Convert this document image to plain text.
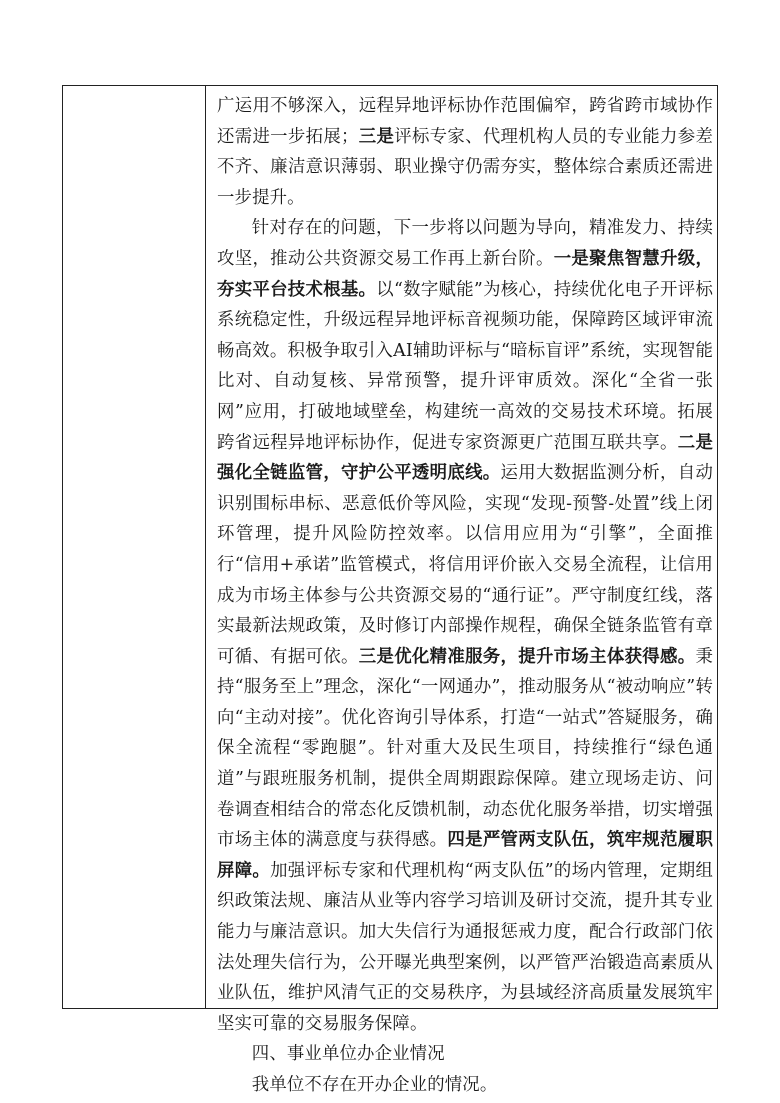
广运用不够深入，远程异地评标协作范围偏窄，跨省跨市域协作还需进一步拓展；三是评标专家、代理机构人员的专业能力参差不齐、廉洁意识薄弱、职业操守仍需夯实，整体综合素质还需进一步提升。

针对存在的问题，下一步将以问题为导向，精准发力、持续攻坚，推动公共资源交易工作再上新台阶。一是聚焦智慧升级，夯实平台技术根基。以“数字赋能”为核心，持续优化电子开评标系统稳定性，升级远程异地评标音视频功能，保障跨区域评审流畅高效。积极争取引入AI辅助评标与“暗标盲评”系统，实现智能比对、自动复核、异常预警，提升评审质效。深化“全省一张网”应用，打破地域壁垒，构建统一高效的交易技术环境。拓展跨省远程异地评标协作，促进专家资源更广范围互联共享。二是强化全链监管，守护公平透明底线。运用大数据监测分析，自动识别围标串标、恶意低价等风险，实现“发现-预警-处置”线上闭环管理，提升风险防控效率。以信用应用为“引擎”，全面推行“信用+承诺”监管模式，将信用评价嵌入交易全流程，让信用成为市场主体参与公共资源交易的“通行证”。严守制度红线，落实最新法规政策，及时修订内部操作规程，确保全链条监管有章可循、有据可依。三是优化精准服务，提升市场主体获得感。秉持“服务至上”理念，深化“一网通办”，推动服务从“被动响应”转向“主动对接”。优化咨询引导体系，打造“一站式”答疑服务，确保全流程“零跑腿”。针对重大及民生项目，持续推行“绿色通道”与跟班服务机制，提供全周期跟踪保障。建立现场走访、问卷调查相结合的常态化反馈机制，动态优化服务举措，切实增强市场主体的满意度与获得感。四是严管两支队伍，筑牢规范履职屏障。加强评标专家和代理机构“两支队伍”的场内管理，定期组织政策法规、廉洁从业等内容学习培训及研讨交流，提升其专业能力与廉洁意识。加大失信行为通报惩戒力度，配合行政部门依法处理失信行为，公开曝光典型案例，以严管严治锻造高素质从业队伍，维护风清气正的交易秩序，为县域经济高质量发展筑牢坚实可靠的交易服务保障。

四、事业单位办企业情况

我单位不存在开办企业的情况。
